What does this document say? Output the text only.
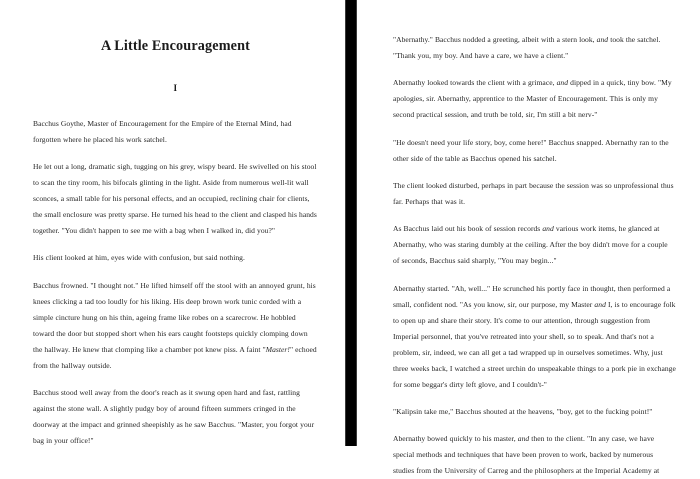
A Little Encouragement
I

Bacchus Goythe, Master of Encouragement for the Empire of the Eternal Mind, had forgotten where he placed his work satchel.

He let out a long, dramatic sigh, tugging on his grey, wispy beard. He swivelled on his stool to scan the tiny room, his bifocals glinting in the light. Aside from numerous well-lit wall sconces, a small table for his personal effects, and an occupied, reclining chair for clients, the small enclosure was pretty sparse. He turned his head to the client and clasped his hands together. "You didn't happen to see me with a bag when I walked in, did you?"

His client looked at him, eyes wide with confusion, but said nothing.

Bacchus frowned. "I thought not." He lifted himself off the stool with an annoyed grunt, his knees clicking a tad too loudly for his liking. His deep brown work tunic corded with a simple cincture hung on his thin, ageing frame like robes on a scarecrow. He hobbled toward the door but stopped short when his ears caught footsteps quickly clomping down the hallway. He knew that clomping like a chamber pot knew piss. A faint "Master!" echoed from the hallway outside.

Bacchus stood well away from the door's reach as it swung open hard and fast, rattling against the stone wall. A slightly pudgy boy of around fifteen summers cringed in the doorway at the impact and grinned sheepishly as he saw Bacchus. "Master, you forgot your bag in your office!"

"Abernathy." Bacchus nodded a greeting, albeit with a stern look, and took the satchel. "Thank you, my boy. And have a care, we have a client."

Abernathy looked towards the client with a grimace, and dipped in a quick, tiny bow. "My apologies, sir. Abernathy, apprentice to the Master of Encouragement. This is only my second practical session, and truth be told, sir, I'm still a bit nerv-"

"He doesn't need your life story, boy, come here!" Bacchus snapped. Abernathy ran to the other side of the table as Bacchus opened his satchel.

The client looked disturbed, perhaps in part because the session was so unprofessional thus far. Perhaps that was it.

As Bacchus laid out his book of session records and various work items, he glanced at Abernathy, who was staring dumbly at the ceiling. After the boy didn't move for a couple of seconds, Bacchus said sharply, "You may begin..."

Abernathy started. "Ah, well..." He scrunched his portly face in thought, then performed a small, confident nod. "As you know, sir, our purpose, my Master and I, is to encourage folk to open up and share their story. It's come to our attention, through suggestion from Imperial personnel, that you've retreated into your shell, so to speak. And that's not a problem, sir, indeed, we can all get a tad wrapped up in ourselves sometimes. Why, just three weeks back, I watched a street urchin do unspeakable things to a pork pie in exchange for some beggar's dirty left glove, and I couldn't-"

"Kalipsin take me," Bacchus shouted at the heavens, "boy, get to the fucking point!"

Abernathy bowed quickly to his master, and then to the client. "In any case, we have special methods and techniques that have been proven to work, backed by numerous studies from the University of Carreg and the philosophers at the Imperial Academy at
